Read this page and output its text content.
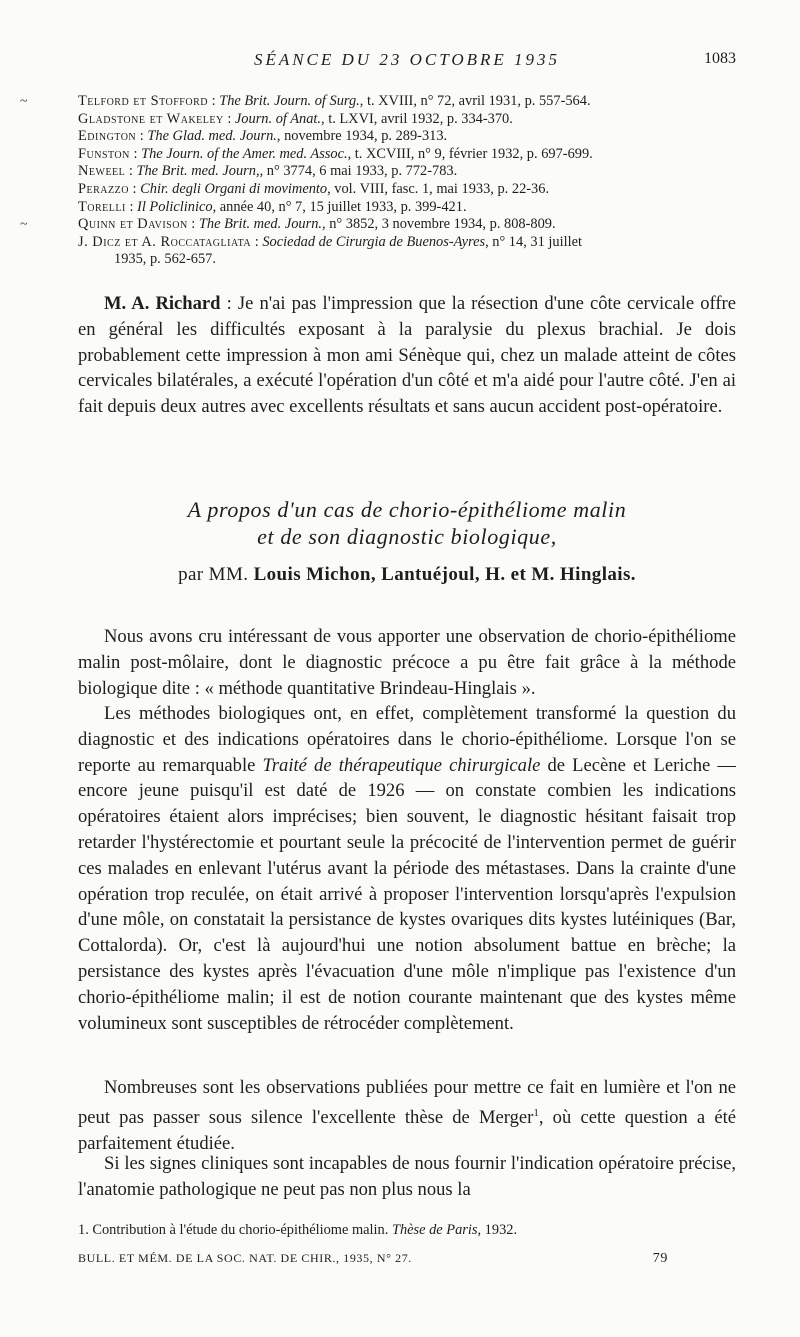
SÉANCE DU 23 OCTOBRE 1935	1083
~	Telford et Stofford : The Brit. Journ. of Surg., t. XVIII, n° 72, avril 1931, p. 557-564.
Gladstone et Wakeley : Journ. of Anat., t. LXVI, avril 1932, p. 334-370.
Edington : The Glad. med. Journ., novembre 1934, p. 289-313.
Funston : The Journ. of the Amer. med. Assoc., t. XCVIII, n° 9, février 1932, p. 697-699.
Neweel : The Brit. med. Journ,, n° 3774, 6 mai 1933, p. 772-783.
Perazzo : Chir. degli Organi di movimento, vol. VIII, fasc. 1, mai 1933, p. 22-36.
Torelli : Il Policlinico, année 40, n° 7, 15 juillet 1933, p. 399-421.
~	Quinn et Davison : The Brit. med. Journ., n° 3852, 3 novembre 1934, p. 808-809.
J. Dicz et A. Roccatagliata : Sociedad de Cirurgia de Buenos-Ayres, n° 14, 31 juillet
1935, p. 562-657.
M. A. Richard : Je n'ai pas l'impression que la résection d'une côte cervicale offre en général les difficultés exposant à la paralysie du plexus brachial. Je dois probablement cette impression à mon ami Sénèque qui, chez un malade atteint de côtes cervicales bilatérales, a exécuté l'opération d'un côté et m'a aidé pour l'autre côté. J'en ai fait depuis deux autres avec excellents résultats et sans aucun accident post-opératoire.
A propos d'un cas de chorio-épithéliome malin
et de son diagnostic biologique,
par MM. Louis Michon, Lantuéjoul, H. et M. Hinglais.
Nous avons cru intéressant de vous apporter une observation de chorio-épithéliome malin post-môlaire, dont le diagnostic précoce a pu être fait grâce à la méthode biologique dite : « méthode quantitative Brindeau-Hinglais ».
Les méthodes biologiques ont, en effet, complètement transformé la question du diagnostic et des indications opératoires dans le chorio-épithéliome. Lorsque l'on se reporte au remarquable Traité de thérapeutique chirurgicale de Lecène et Leriche — encore jeune puisqu'il est daté de 1926 — on constate combien les indications opératoires étaient alors imprécises; bien souvent, le diagnostic hésitant faisait trop retarder l'hystérectomie et pourtant seule la précocité de l'intervention permet de guérir ces malades en enlevant l'utérus avant la période des métastases. Dans la crainte d'une opération trop reculée, on était arrivé à proposer l'intervention lorsqu'après l'expulsion d'une môle, on constatait la persistance de kystes ovariques dits kystes lutéiniques (Bar, Cottalorda). Or, c'est là aujourd'hui une notion absolument battue en brèche; la persistance des kystes après l'évacuation d'une môle n'implique pas l'existence d'un chorio-épithéliome malin; il est de notion courante maintenant que des kystes même volumineux sont susceptibles de rétrocéder complètement.
Nombreuses sont les observations publiées pour mettre ce fait en lumière et l'on ne peut pas passer sous silence l'excellente thèse de Merger$^1$, où cette question a été parfaitement étudiée.
Si les signes cliniques sont incapables de nous fournir l'indication opératoire précise, l'anatomie pathologique ne peut pas non plus nous la
1. Contribution à l'étude du chorio-épithéliome malin. Thèse de Paris, 1932.
BULL. ET MÉM. DE LA SOC. NAT. DE CHIR., 1935, N° 27.	79
